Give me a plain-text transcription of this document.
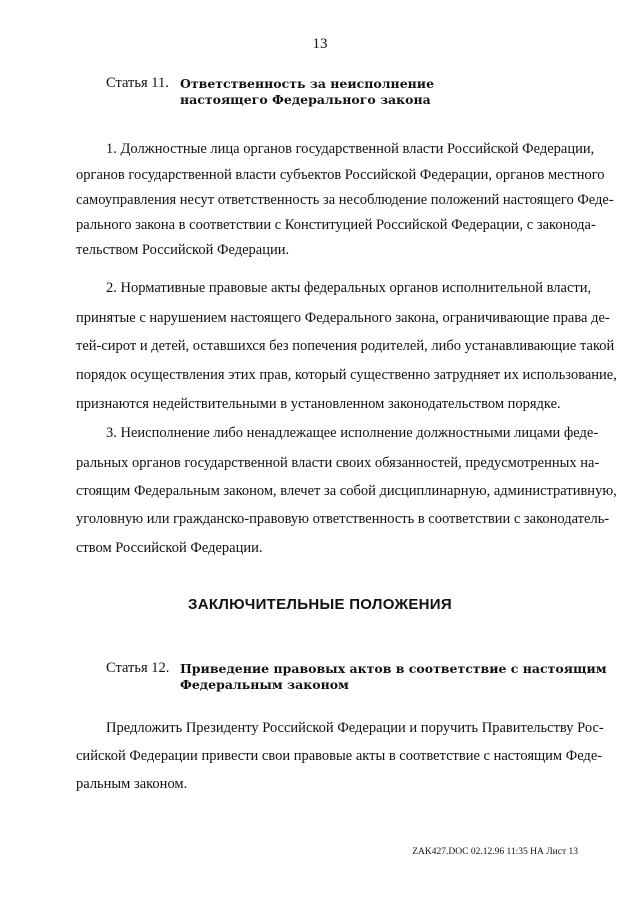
13
Статья 11. Ответственность за неисполнение
настоящего Федерального закона
1. Должностные лица органов государственной власти Российской Федерации,
органов государственной власти субъектов Российской Федерации, органов местного
самоуправления несут ответственность за несоблюдение положений настоящего Феде-
рального закона в соответствии с Конституцией Российской Федерации, с законода-
тельством Российской Федерации.
2. Нормативные правовые акты федеральных органов исполнительной власти,
принятые с нарушением настоящего Федерального закона, ограничивающие права де-
тей-сирот и детей, оставшихся без попечения родителей, либо устанавливающие такой
порядок осуществления этих прав, который существенно затрудняет их использование,
признаются недействительными в установленном законодательством порядке.
3. Неисполнение либо ненадлежащее исполнение должностными лицами феде-
ральных органов государственной власти своих обязанностей, предусмотренных на-
стоящим Федеральным законом, влечет за собой дисциплинарную, административную,
уголовную или гражданско-правовую ответственность в соответствии с законодатель-
ством Российской Федерации.
ЗАКЛЮЧИТЕЛЬНЫЕ ПОЛОЖЕНИЯ
Статья 12. Приведение правовых актов в соответствие с настоящим
Федеральным законом
Предложить Президенту Российской Федерации и поручить Правительству Рос-
сийской Федерации привести свои правовые акты в соответствие с настоящим Феде-
ральным законом.
ZAK427.DOC 02.12.96 11:35 НА Лист 13
